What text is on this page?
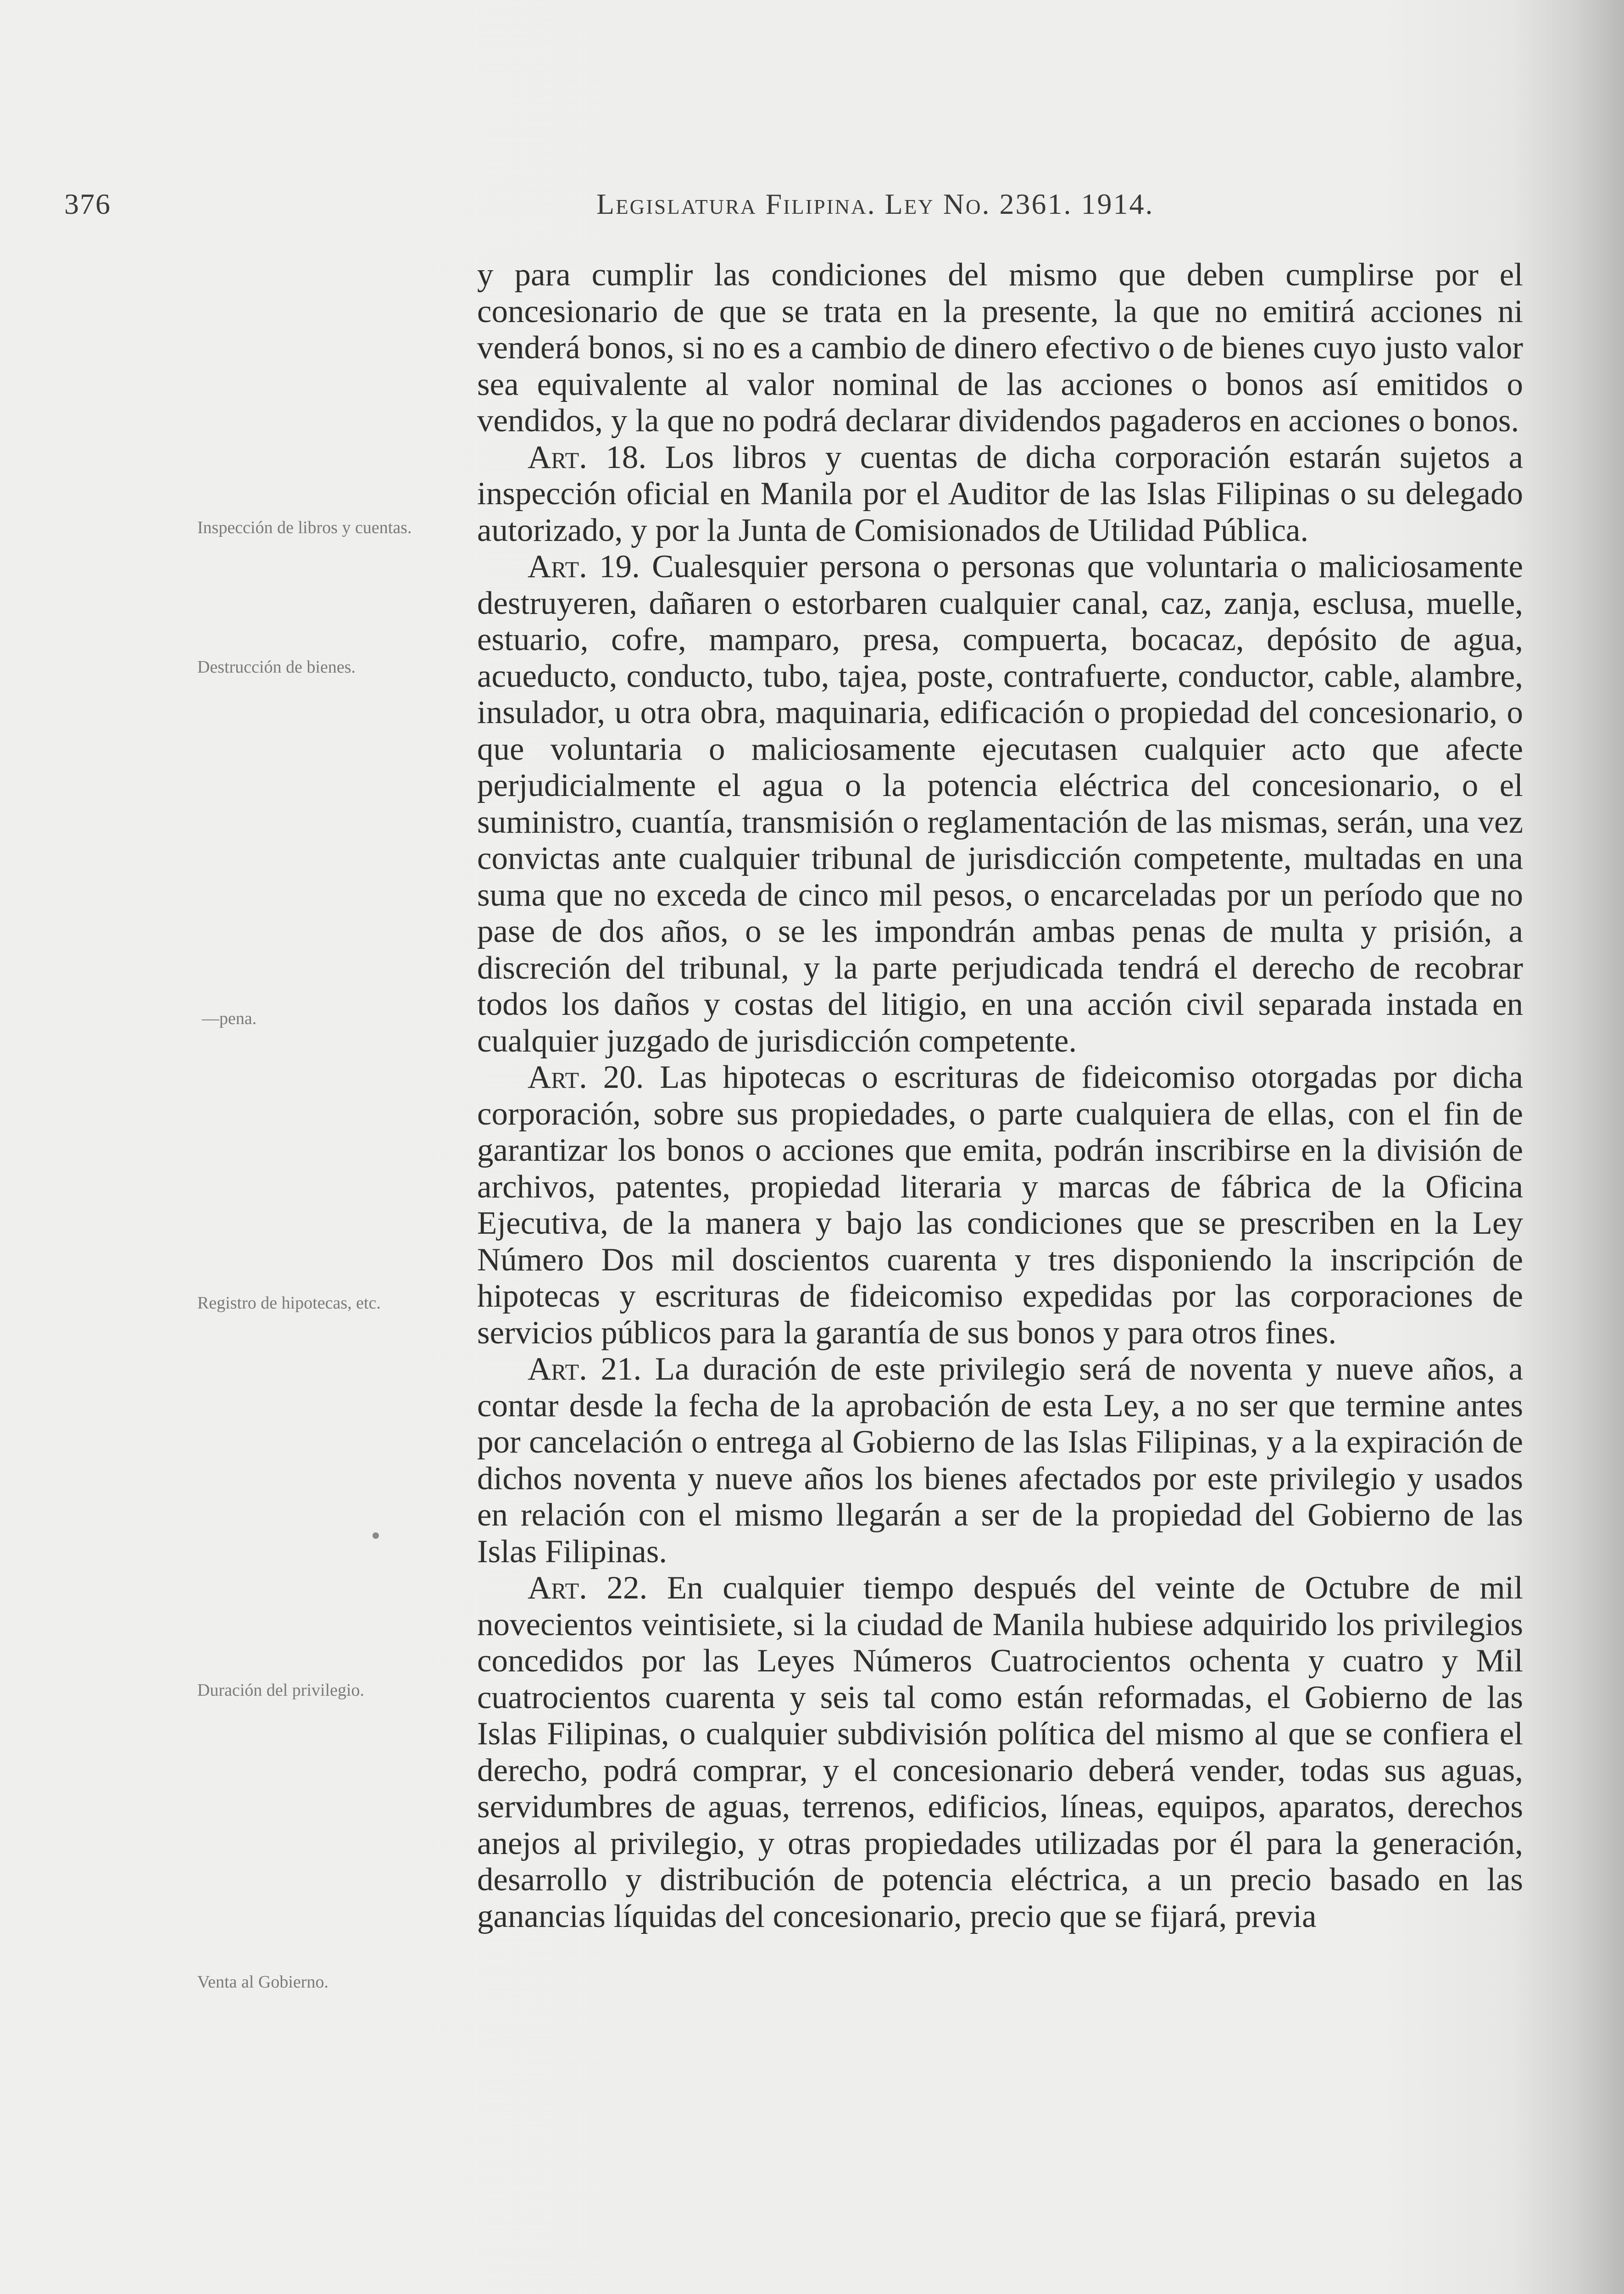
376	Legislatura Filipina. Ley No. 2361. 1914.
Inspección de libros y cuentas.
Destrucción de bienes.
—pena.
Registro de hipotecas, etc.
Duración del privilegio.
Venta al Gobierno.

y para cumplir las condiciones del mismo que deben cumplirse por el concesionario de que se trata en la presente, la que no emitirá acciones ni venderá bonos, si no es a cambio de dinero efectivo o de bienes cuyo justo valor sea equivalente al valor nominal de las acciones o bonos así emitidos o vendidos, y la que no podrá declarar dividendos pagaderos en acciones o bonos.

Art. 18. Los libros y cuentas de dicha corporación estarán sujetos a inspección oficial en Manila por el Auditor de las Islas Filipinas o su delegado autorizado, y por la Junta de Comisionados de Utilidad Pública.

Art. 19. Cualesquier persona o personas que voluntaria o maliciosamente destruyeren, dañaren o estorbaren cualquier canal, caz, zanja, esclusa, muelle, estuario, cofre, mamparo, presa, compuerta, bocacaz, depósito de agua, acueducto, conducto, tubo, tajea, poste, contrafuerte, conductor, cable, alambre, insulador, u otra obra, maquinaria, edificación o propiedad del concesionario, o que voluntaria o maliciosamente ejecutasen cualquier acto que afecte perjudicialmente el agua o la potencia eléctrica del concesionario, o el suministro, cuantía, transmisión o reglamentación de las mismas, serán, una vez convictas ante cualquier tribunal de jurisdicción competente, multadas en una suma que no exceda de cinco mil pesos, o encarceladas por un período que no pase de dos años, o se les impondrán ambas penas de multa y prisión, a discreción del tribunal, y la parte perjudicada tendrá el derecho de recobrar todos los daños y costas del litigio, en una acción civil separada instada en cualquier juzgado de jurisdicción competente.

Art. 20. Las hipotecas o escrituras de fideicomiso otorgadas por dicha corporación, sobre sus propiedades, o parte cualquiera de ellas, con el fin de garantizar los bonos o acciones que emita, podrán inscribirse en la división de archivos, patentes, propiedad literaria y marcas de fábrica de la Oficina Ejecutiva, de la manera y bajo las condiciones que se prescriben en la Ley Número Dos mil doscientos cuarenta y tres disponiendo la inscripción de hipotecas y escrituras de fideicomiso expedidas por las corporaciones de servicios públicos para la garantía de sus bonos y para otros fines.

Art. 21. La duración de este privilegio será de noventa y nueve años, a contar desde la fecha de la aprobación de esta Ley, a no ser que termine antes por cancelación o entrega al Gobierno de las Islas Filipinas, y a la expiración de dichos noventa y nueve años los bienes afectados por este privilegio y usados en relación con el mismo llegarán a ser de la propiedad del Gobierno de las Islas Filipinas.

Art. 22. En cualquier tiempo después del veinte de Octubre de mil novecientos veintisiete, si la ciudad de Manila hubiese adquirido los privilegios concedidos por las Leyes Números Cuatrocientos ochenta y cuatro y Mil cuatrocientos cuarenta y seis tal como están reformadas, el Gobierno de las Islas Filipinas, o cualquier subdivisión política del mismo al que se confiera el derecho, podrá comprar, y el concesionario deberá vender, todas sus aguas, servidumbres de aguas, terrenos, edificios, líneas, equipos, aparatos, derechos anejos al privilegio, y otras propiedades utilizadas por él para la generación, desarrollo y distribución de potencia eléctrica, a un precio basado en las ganancias líquidas del concesionario, precio que se fijará, previa
